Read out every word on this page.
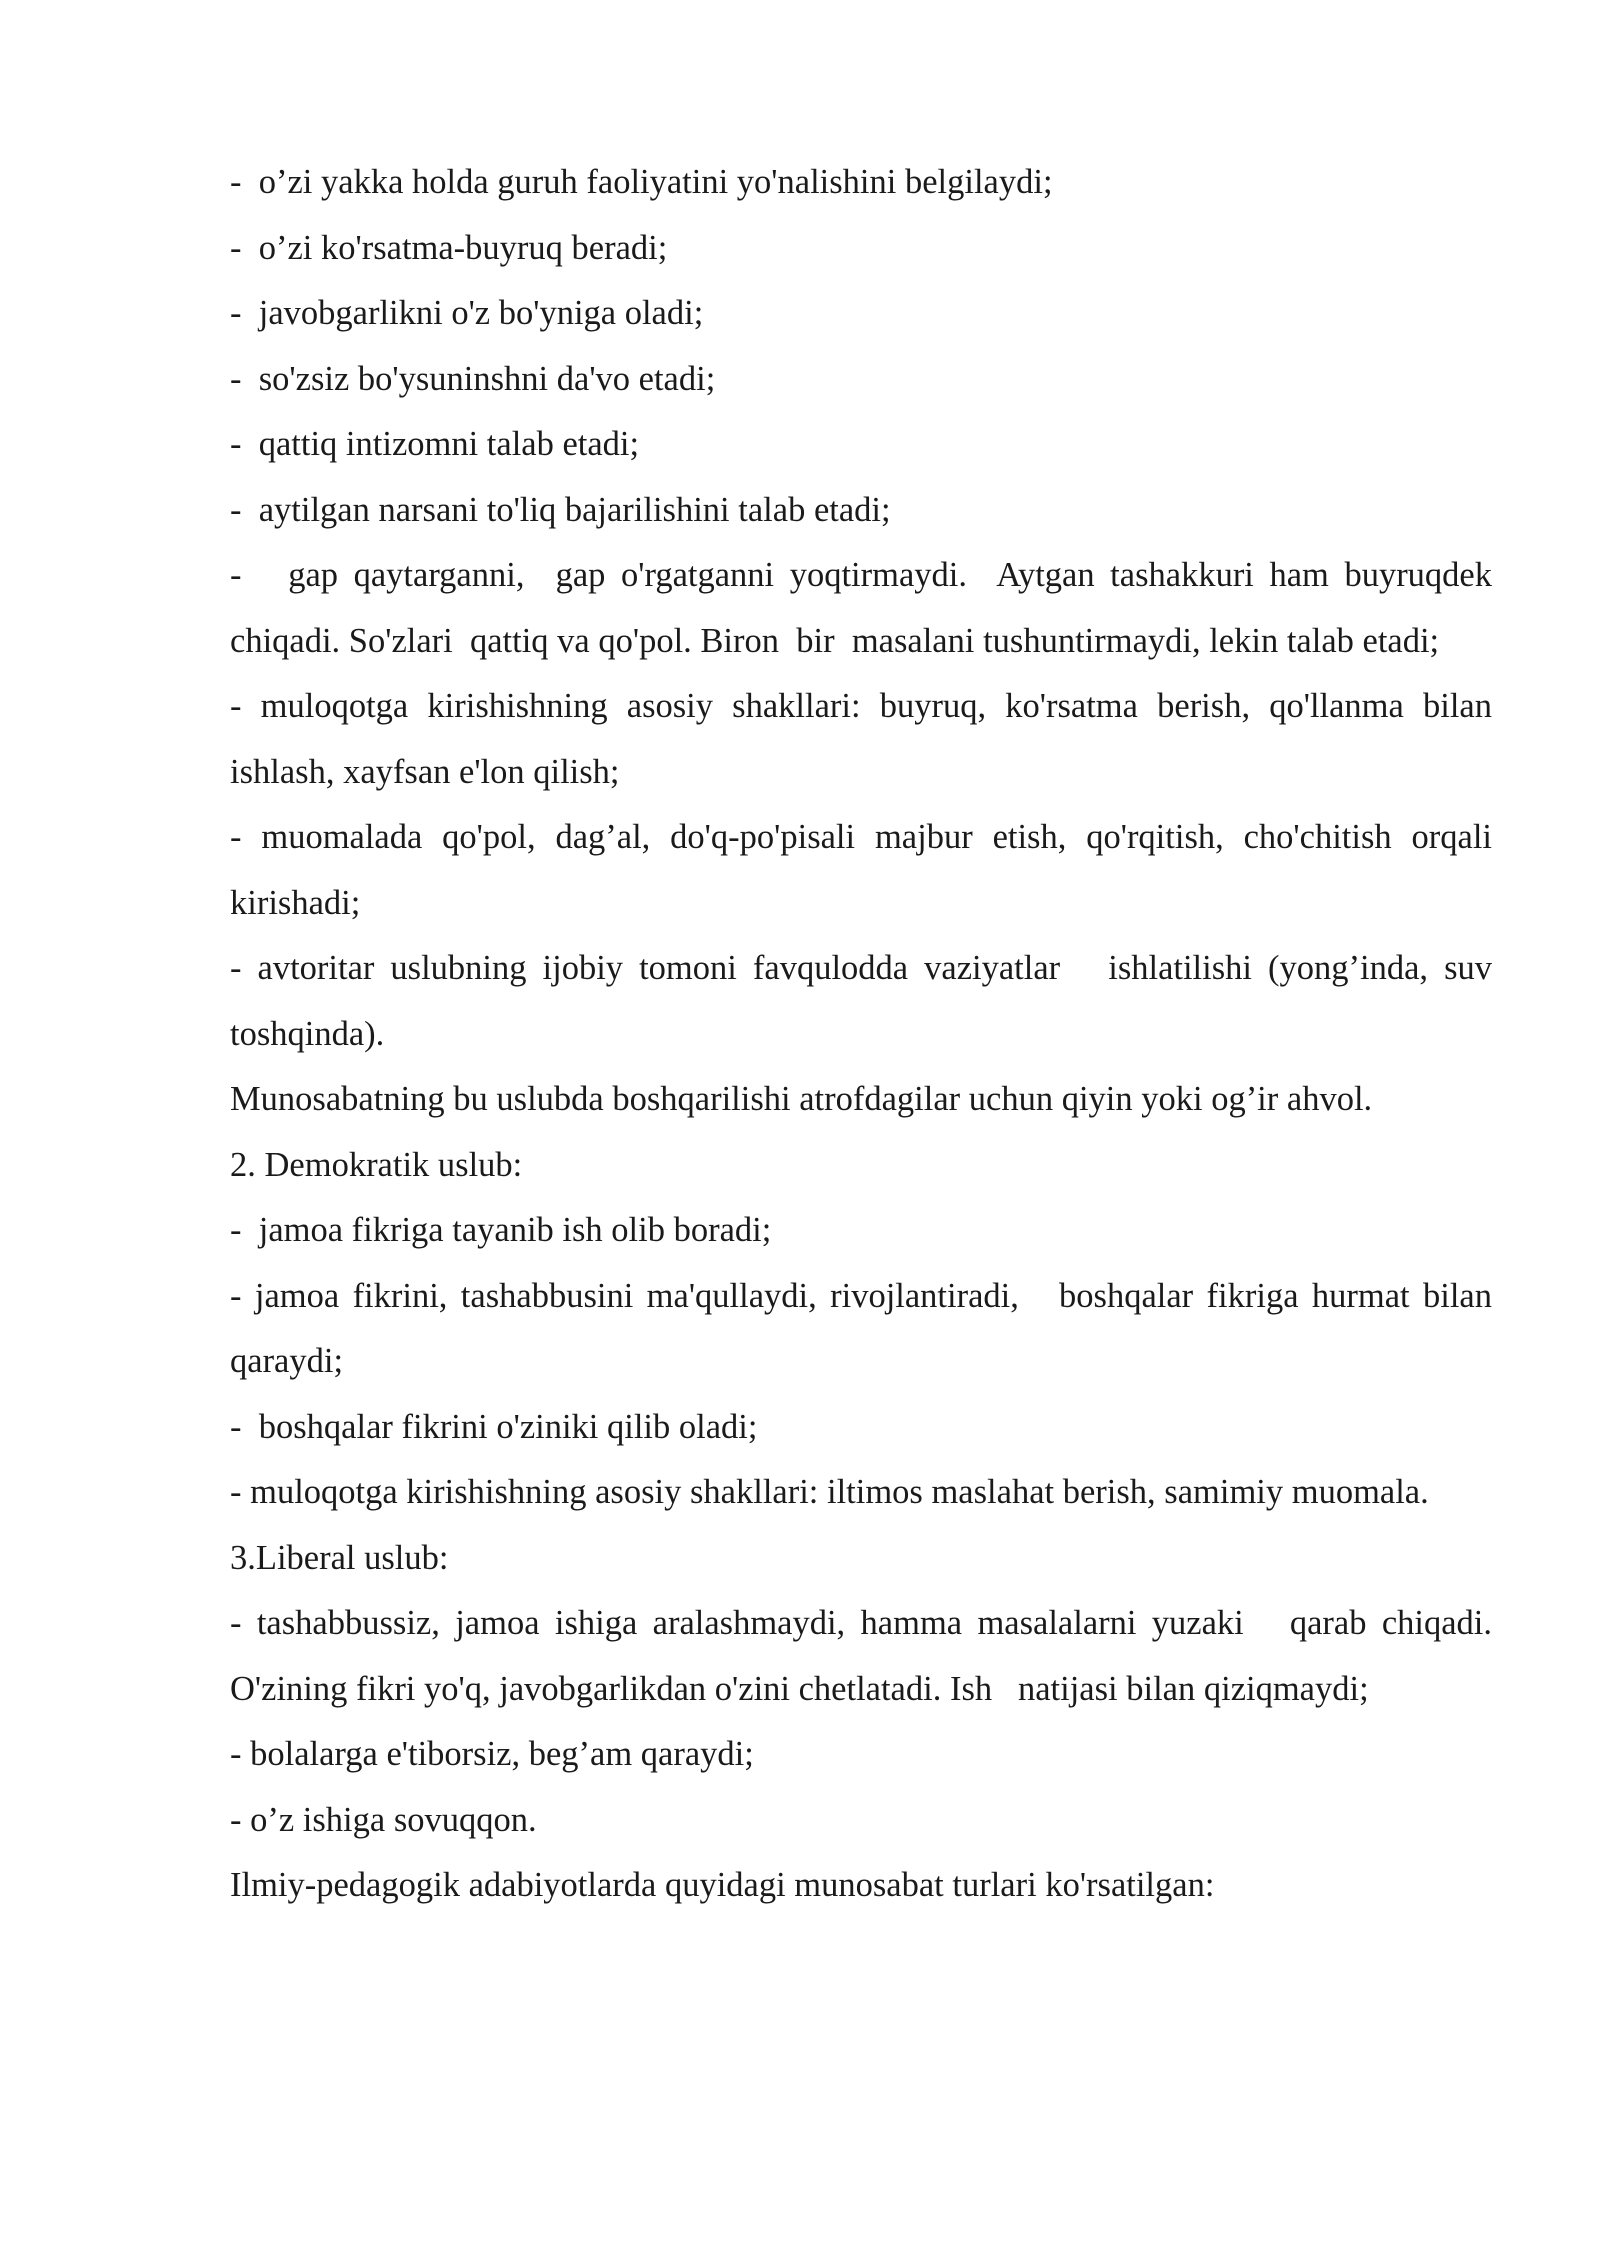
-  o’zi yakka holda guruh faoliyatini yo'nalishini belgilaydi;

-  o’zi ko'rsatma-buyruq beradi;

-  javobgarlikni o'z bo'yniga oladi;

-  so'zsiz bo'ysuninshni da'vo etadi;

-  qattiq intizomni talab etadi;

-  aytilgan narsani to'liq bajarilishini talab etadi;

-   gap qaytarganni,  gap o'rgatganni yoqtirmaydi.  Aytgan tashakkuri ham buyruqdek chiqadi. So'zlari  qattiq va qo'pol. Biron  bir  masalani tushuntirmaydi, lekin talab etadi;

- muloqotga kirishishning asosiy shakllari: buyruq, ko'rsatma berish, qo'llanma bilan ishlash, xayfsan e'lon qilish;

- muomalada qo'pol, dag’al, do'q-po'pisali majbur etish, qo'rqitish, cho'chitish orqali kirishadi;

- avtoritar uslubning ijobiy tomoni favqulodda vaziyatlar   ishlatilishi (yong’inda, suv toshqinda).

Munosabatning bu uslubda boshqarilishi atrofdagilar uchun qiyin yoki og’ir ahvol.

2. Demokratik uslub:

-  jamoa fikriga tayanib ish olib boradi;

- jamoa fikrini, tashabbusini ma'qullaydi, rivojlantiradi,   boshqalar fikriga hurmat bilan qaraydi;

-  boshqalar fikrini o'ziniki qilib oladi;

- muloqotga kirishishning asosiy shakllari: iltimos maslahat berish, samimiy muomala.

3.Liberal uslub:

- tashabbussiz, jamoa ishiga aralashmaydi, hamma masalalarni yuzaki   qarab chiqadi. O'zining fikri yo'q, javobgarlikdan o'zini chetlatadi. Ish   natijasi bilan qiziqmaydi;

- bolalarga e'tiborsiz, beg’am qaraydi;

- o’z ishiga sovuqqon.

Ilmiy-pedagogik adabiyotlarda quyidagi munosabat turlari ko'rsatilgan:
